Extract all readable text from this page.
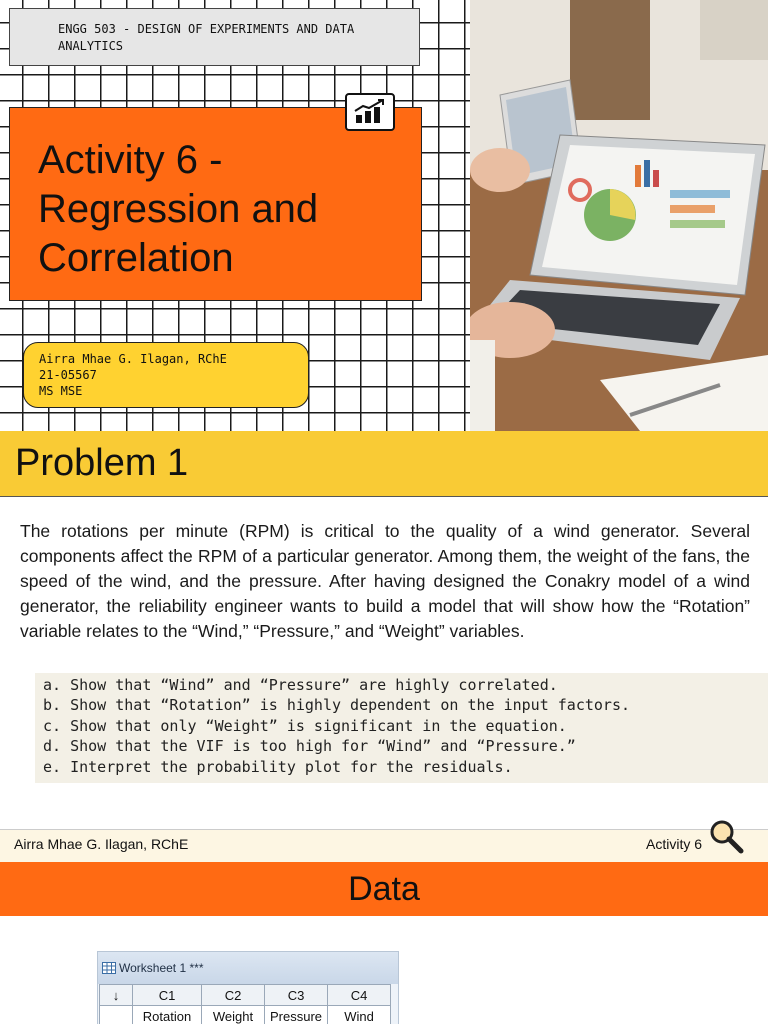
ENGG 503 - DESIGN OF EXPERIMENTS AND DATA ANALYTICS
Activity 6 -
Regression and
Correlation
Airra Mhae G. Ilagan, RChE
21-05567
MS MSE
Problem 1
The rotations per minute (RPM) is critical to the quality of a wind generator. Several components affect the RPM of a particular generator. Among them, the weight of the fans, the speed of the wind, and the pressure. After having designed the Conakry model of a wind generator, the reliability engineer wants to build a model that will show how the “Rotation” variable relates to the “Wind,” “Pressure,” and “Weight” variables.
a. Show that “Wind” and “Pressure” are highly correlated.
b. Show that “Rotation” is highly dependent on the input factors.
c. Show that only “Weight” is significant in the equation.
d. Show that the VIF is too high for “Wind” and “Pressure.”
e. Interpret the probability plot for the residuals.
Airra Mhae G. Ilagan, RChE	Activity 6
Data
Worksheet 1 ***
↓	C1	C2	C3	C4
	Rotation	Weight	Pressure	Wind
